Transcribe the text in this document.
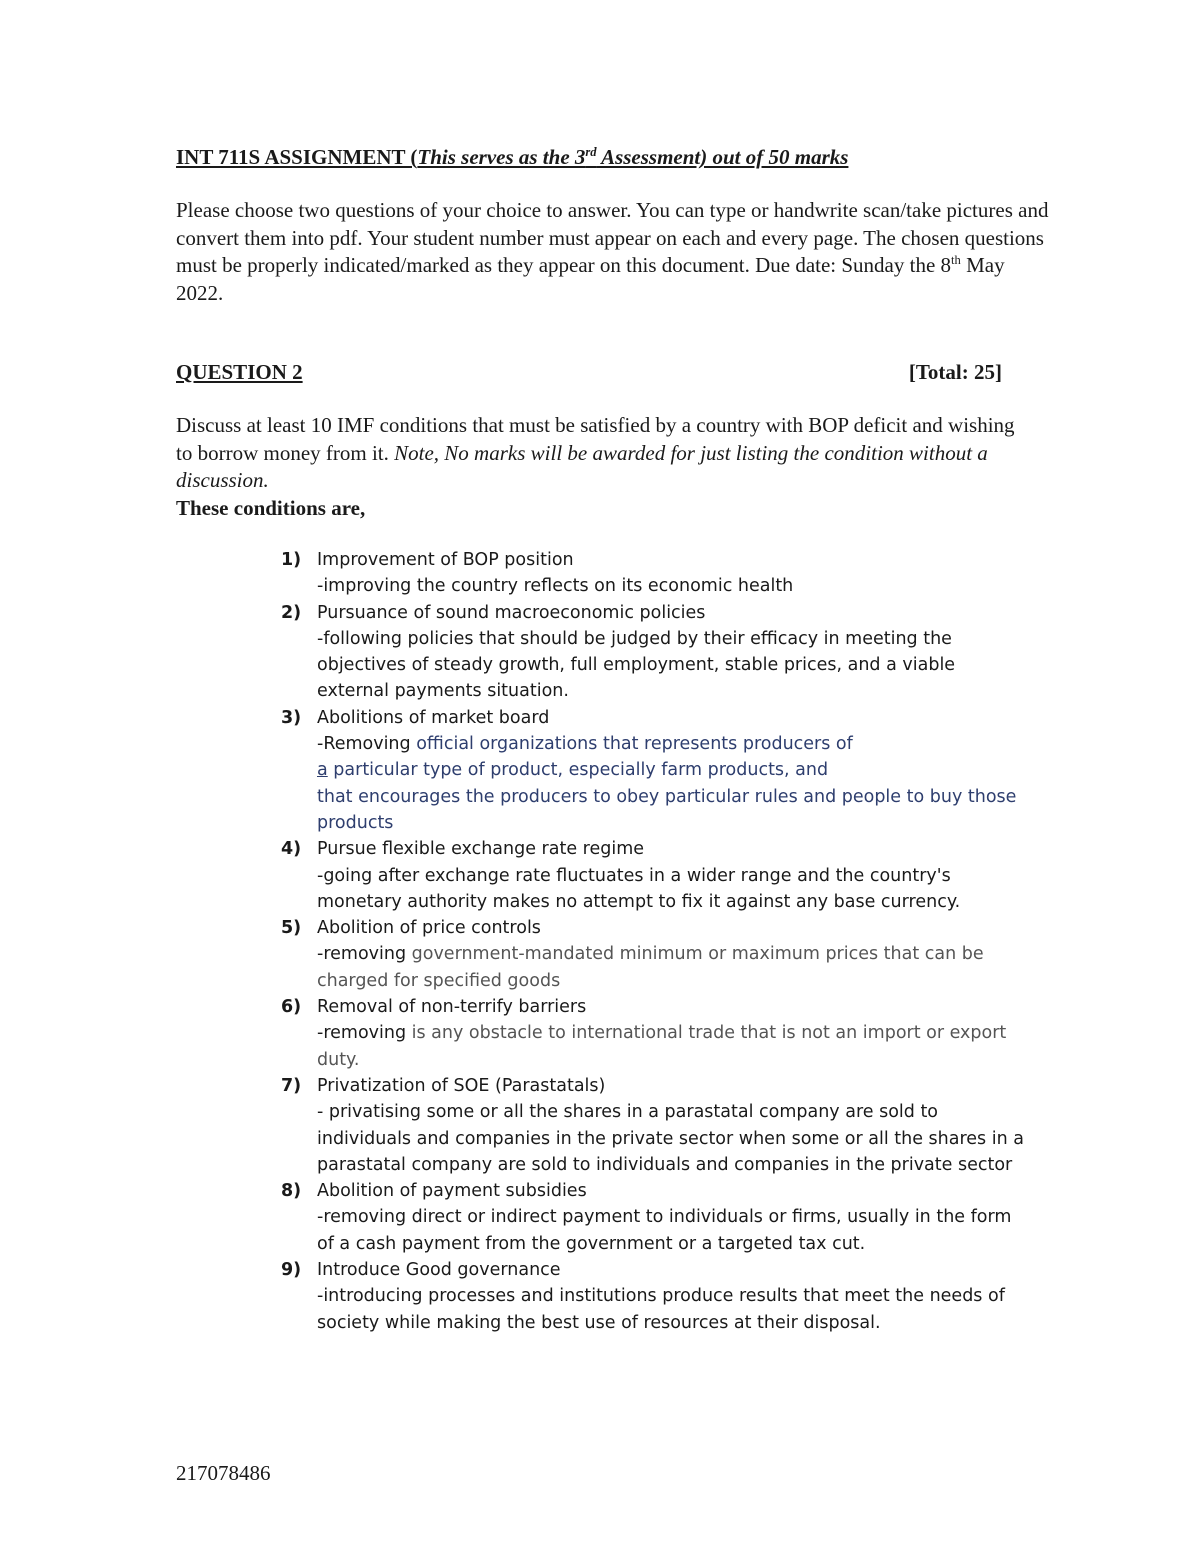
INT 711S ASSIGNMENT (This serves as the 3rd Assessment) out of 50 marks
Please choose two questions of your choice to answer. You can type or handwrite scan/take pictures and convert them into pdf. Your student number must appear on each and every page. The chosen questions must be properly indicated/marked as they appear on this document. Due date: Sunday the 8th May 2022.
QUESTION 2	[Total: 25]
Discuss at least 10 IMF conditions that must be satisfied by a country with BOP deficit and wishing to borrow money from it. Note, No marks will be awarded for just listing the condition without a discussion.
These conditions are,
1) Improvement of BOP position
-improving the country reflects on its economic health
2) Pursuance of sound macroeconomic policies
-following policies that should be judged by their efficacy in meeting the objectives of steady growth, full employment, stable prices, and a viable external payments situation.
3) Abolitions of market board
-Removing official organizations that represents producers of
a particular type of product, especially farm products, and
that encourages the producers to obey particular rules and people to buy those products
4) Pursue flexible exchange rate regime
-going after exchange rate fluctuates in a wider range and the country's monetary authority makes no attempt to fix it against any base currency.
5) Abolition of price controls
-removing government-mandated minimum or maximum prices that can be charged for specified goods
6) Removal of non-terrify barriers
-removing is any obstacle to international trade that is not an import or export duty.
7) Privatization of SOE (Parastatals)
- privatising some or all the shares in a parastatal company are sold to individuals and companies in the private sector when some or all the shares in a parastatal company are sold to individuals and companies in the private sector
8) Abolition of payment subsidies
-removing direct or indirect payment to individuals or firms, usually in the form of a cash payment from the government or a targeted tax cut.
9) Introduce Good governance
-introducing processes and institutions produce results that meet the needs of society while making the best use of resources at their disposal.
217078486
